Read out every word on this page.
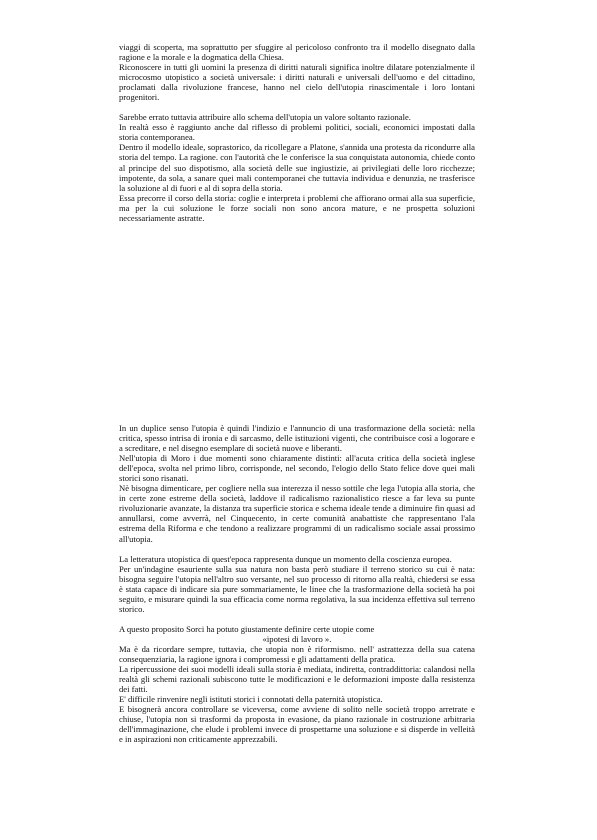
viaggi di scoperta, ma soprattutto per sfuggire al pericoloso confronto tra il modello disegnato dalla ragione e la morale e la dogmatica della Chiesa.

Riconoscere in tutti gli uomini la presenza di diritti naturali significa inoltre dilatare potenzialmente il microcosmo utopistico a società universale: i diritti naturali e universali dell'uomo e del cittadino, proclamati dalla rivoluzione francese, hanno nel cielo dell'utopia rinascimentale i loro lontani progenitori.

Sarebbe errato tuttavia attribuire allo schema dell'utopia un valore soltanto razionale.

In realtà esso è raggiunto anche dal riflesso di problemi politici, sociali, economici impostati dalla storia contemporanea.

Dentro il modello ideale, soprastorico, da ricollegare a Platone, s'annida una protesta da ricondurre alla storia del tempo. La ragione. con l'autorità che le conferisce la sua conquistata autonomia, chiede conto al principe del suo dispotismo, alla società delle sue ingiustizie, ai privilegiati delle loro ricchezze; impotente, da sola, a sanare quei mali contemporanei che tuttavia individua e denunzia, ne trasferisce la soluzione al di fuori e al di sopra della storia.

Essa precorre il corso della storia: coglie e interpreta i problemi che affiorano ormai alla sua superficie, ma per la cui soluzione le forze sociali non sono ancora mature, e ne prospetta soluzioni necessariamente astratte.

In un duplice senso l'utopia è quindi l'indizio e l'annuncio di una trasformazione della società: nella critica, spesso intrisa di ironia e di sarcasmo, delle istituzioni vigenti, che contribuisce così a logorare e a screditare, e nel disegno esemplare di società nuove e liberanti.

Nell'utopia di Moro i due momenti sono chiaramente distinti: all'acuta critica della società inglese dell'epoca, svolta nel primo libro, corrisponde, nel secondo, l'elogio dello Stato felice dove quei mali storici sono risanati.

Nè bisogna dimenticare, per cogliere nella sua interezza il nesso sottile che lega l'utopia alla storia, che in certe zone estreme della società, laddove il radicalismo razionalistico riesce a far leva su punte rivoluzionarie avanzate, la distanza tra superficie storica e schema ideale tende a diminuire fin quasi ad annullarsi, come avverrà, nel Cinquecento, in certe comunità anabattiste che rappresentano l'ala estrema della Riforma e che tendono a realizzare programmi di un radicalismo sociale assai prossimo all'utopia.

La letteratura utopistica di quest'epoca rappresenta dunque un momento della coscienza europea.

Per un'indagine esauriente sulla sua natura non basta però studiare il terreno storico su cui è nata: bisogna seguire l'utopia nell'altro suo versante, nel suo processo di ritorno alla realtà, chiedersi se essa è stata capace di indicare sia pure sommariamente, le linee che la trasformazione della società ha poi seguito, e misurare quindi la sua efficacia come norma regolativa, la sua incidenza effettiva sul terreno storico.

A questo proposito Sorci ha potuto giustamente definire certe utopie come

«ipotesi di lavoro ».

Ma è da ricordare sempre, tuttavia, che utopia non è riformismo. nell' astrattezza della sua catena consequenziaria, la ragione ignora i compromessi e gli adattamenti della pratica.

La ripercussione dei suoi modelli ideali sulla storia è mediata, indiretta, contraddittoria: calandosi nella realtà gli schemi razionali subiscono tutte le modificazioni e le deformazioni imposte dalla resistenza dei fatti.

E' difficile rinvenire negli istituti storici i connotati della paternità utopistica.

E bisognerà ancora controllare se viceversa, come avviene di solito nelle società troppo arretrate e chiuse, l'utopia non si trasformi da proposta in evasione, da piano razionale in costruzione arbitraria dell'immaginazione, che elude i problemi invece di prospettarne una soluzione e si disperde in velleità e in aspirazioni non criticamente apprezzabili.
